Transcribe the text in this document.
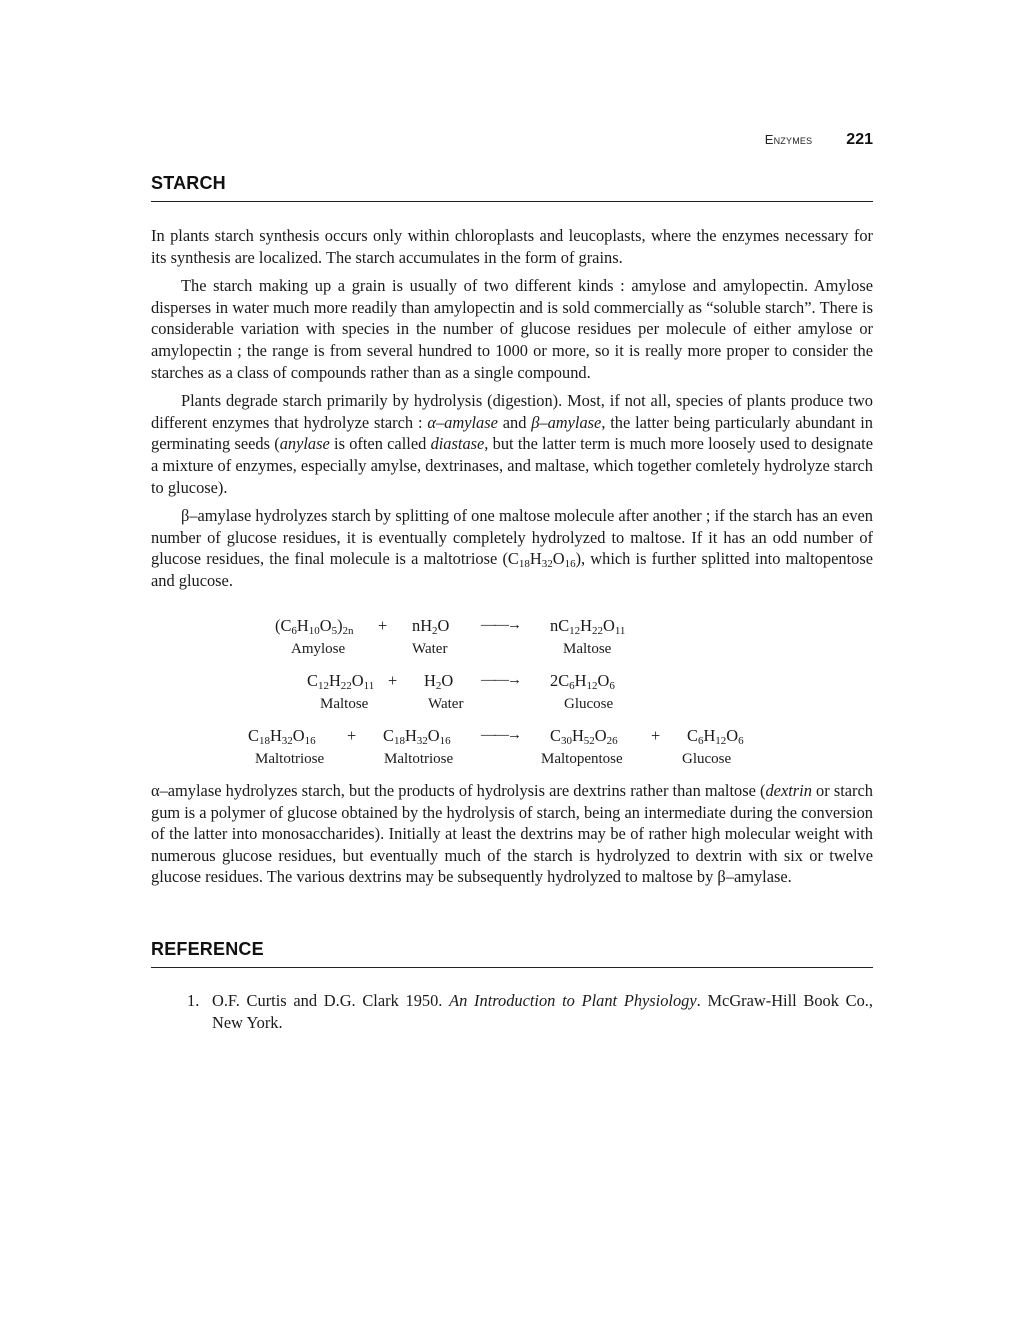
Enzymes 221
STARCH

In plants starch synthesis occurs only within chloroplasts and leucoplasts, where the enzymes necessary for its synthesis are localized. The starch accumulates in the form of grains.

The starch making up a grain is usually of two different kinds : amylose and amylopectin. Amylose disperses in water much more readily than amylopectin and is sold commercially as “soluble starch”. There is considerable variation with species in the number of glucose residues per molecule of either amylose or amylopectin ; the range is from several hundred to 1000 or more, so it is really more proper to consider the starches as a class of compounds rather than as a single compound.

Plants degrade starch primarily by hydrolysis (digestion). Most, if not all, species of plants produce two different enzymes that hydrolyze starch : α–amylase and β–amylase, the latter being particularly abundant in germinating seeds (anylase is often called diastase, but the latter term is much more loosely used to designate a mixture of enzymes, especially amylse, dextrinases, and maltase, which together comletely hydrolyze starch to glucose).

β–amylase hydrolyzes starch by splitting of one maltose molecule after another ; if the starch has an even number of glucose residues, it is eventually completely hydrolyzed to maltose. If it has an odd number of glucose residues, the final molecule is a maltotriose $(C_{18}H_{32}O_{16})$, which is further splitted into maltopentose and glucose.

$(C_6H_{10}O_5)_{2n} + nH_2O$ ——→ $nC_{12}H_{22}O_{11}$
Amylose	Water	Maltose
$C_{12}H_{22}O_{11} + H_2O$ ——→ $2C_6H_{12}O_6$
Maltose	Water	Glucose
$C_{18}H_{32}O_{16} + C_{18}H_{32}O_{16}$ ——→ $C_{30}H_{52}O_{26} + C_6H_{12}O_6$
Maltotriose	Maltotriose	Maltopentose	Glucose

α–amylase hydrolyzes starch, but the products of hydrolysis are dextrins rather than maltose (dextrin or starch gum is a polymer of glucose obtained by the hydrolysis of starch, being an intermediate during the conversion of the latter into monosaccharides). Initially at least the dextrins may be of rather high molecular weight with numerous glucose residues, but eventually much of the starch is hydrolyzed to dextrin with six or twelve glucose residues. The various dextrins may be subsequently hydrolyzed to maltose by β–amylase.

REFERENCE
1. O.F. Curtis and D.G. Clark 1950. An Introduction to Plant Physiology. McGraw-Hill Book Co., New York.
